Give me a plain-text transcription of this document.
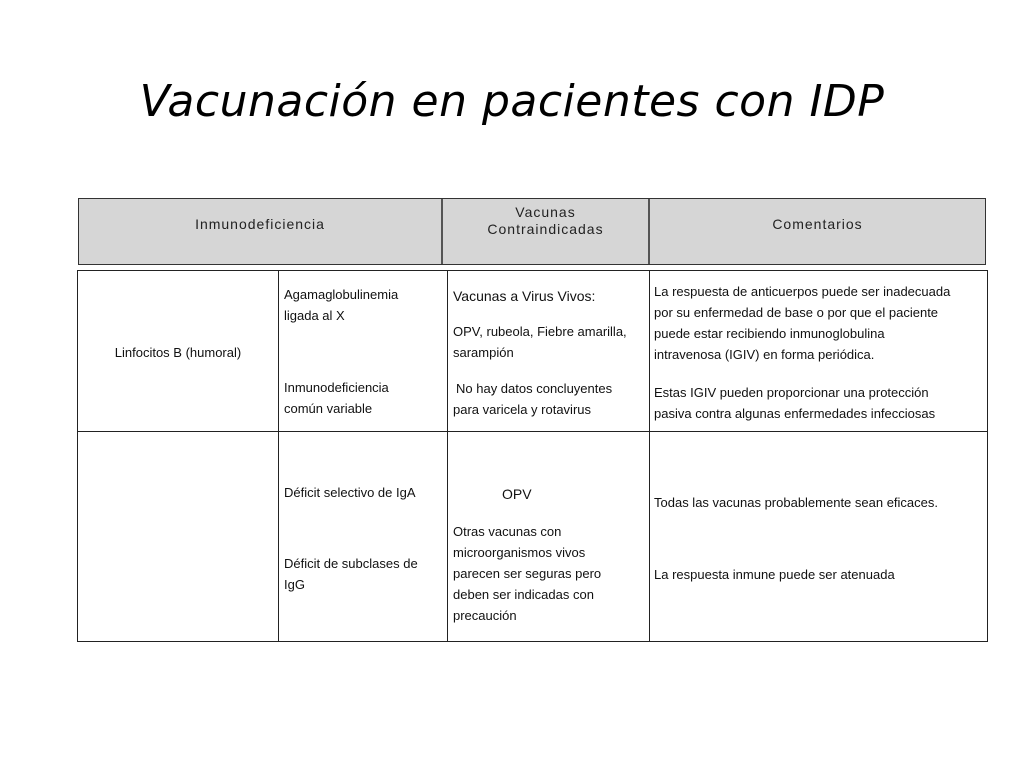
Vacunación en pacientes con IDP
Inmunodeficiencia
Vacunas
Contraindicadas	Comentarios
Linfocitos B (humoral)
Agamaglobulinemia
ligada al X
Inmunodeficiencia
común variable
Vacunas a Virus Vivos:
OPV, rubeola, Fiebre amarilla,
sarampión
No hay datos concluyentes
para varicela y rotavirus
La respuesta de anticuerpos puede ser inadecuada
por su enfermedad de base o por que el paciente
puede estar recibiendo inmunoglobulina
intravenosa (IGIV) en forma periódica.
Estas IGIV pueden proporcionar una protección
pasiva contra algunas enfermedades infecciosas
Déficit selectivo de IgA
Déficit de subclases de
IgG
OPV
Otras vacunas con
microorganismos vivos
parecen ser seguras pero
deben ser indicadas con
precaución
Todas las vacunas probablemente sean eficaces.
La respuesta inmune puede ser atenuada
